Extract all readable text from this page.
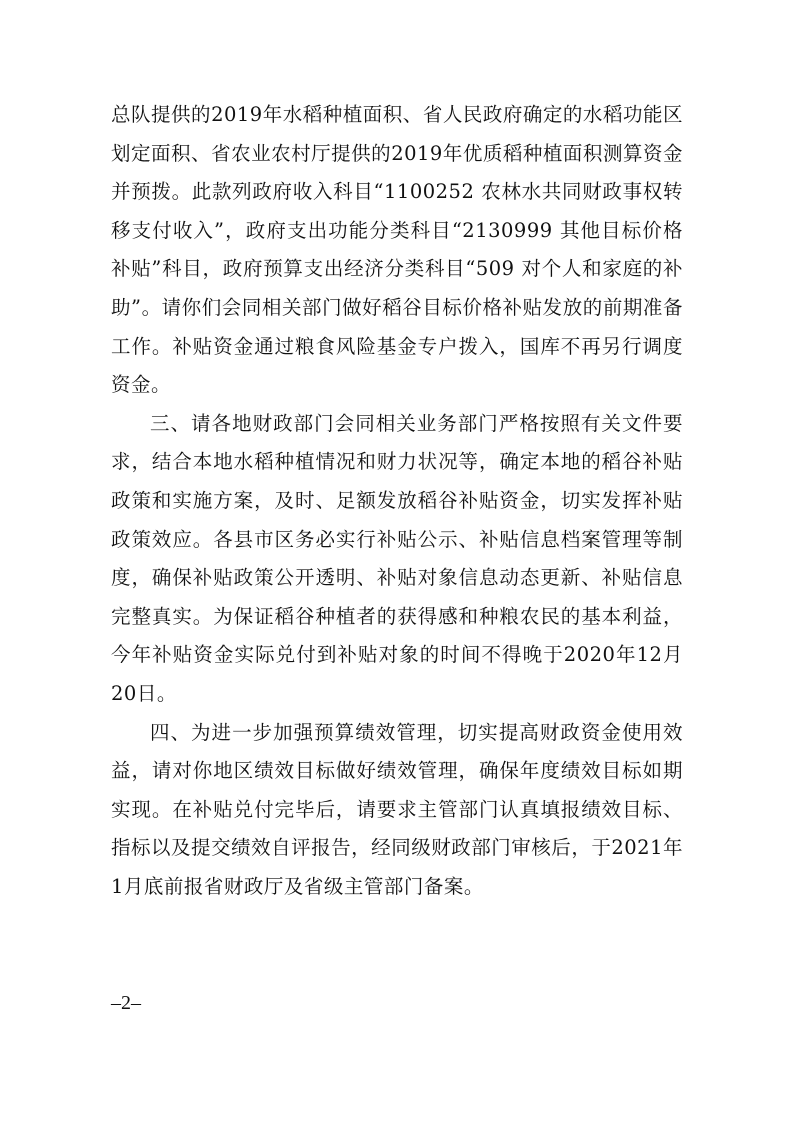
总队提供的2019年水稻种植面积、省人民政府确定的水稻功能区划定面积、省农业农村厅提供的2019年优质稻种植面积测算资金并预拨。此款列政府收入科目“1100252 农林水共同财政事权转移支付收入”，政府支出功能分类科目“2130999 其他目标价格补贴”科目，政府预算支出经济分类科目“509 对个人和家庭的补助”。请你们会同相关部门做好稻谷目标价格补贴发放的前期准备工作。补贴资金通过粮食风险基金专户拨入，国库不再另行调度资金。

三、请各地财政部门会同相关业务部门严格按照有关文件要求，结合本地水稻种植情况和财力状况等，确定本地的稻谷补贴政策和实施方案，及时、足额发放稻谷补贴资金，切实发挥补贴政策效应。各县市区务必实行补贴公示、补贴信息档案管理等制度，确保补贴政策公开透明、补贴对象信息动态更新、补贴信息完整真实。为保证稻谷种植者的获得感和种粮农民的基本利益，今年补贴资金实际兑付到补贴对象的时间不得晚于2020年12月20日。

四、为进一步加强预算绩效管理，切实提高财政资金使用效益，请对你地区绩效目标做好绩效管理，确保年度绩效目标如期实现。在补贴兑付完毕后，请要求主管部门认真填报绩效目标、指标以及提交绩效自评报告，经同级财政部门审核后，于2021年1月底前报省财政厅及省级主管部门备案。

–2–
